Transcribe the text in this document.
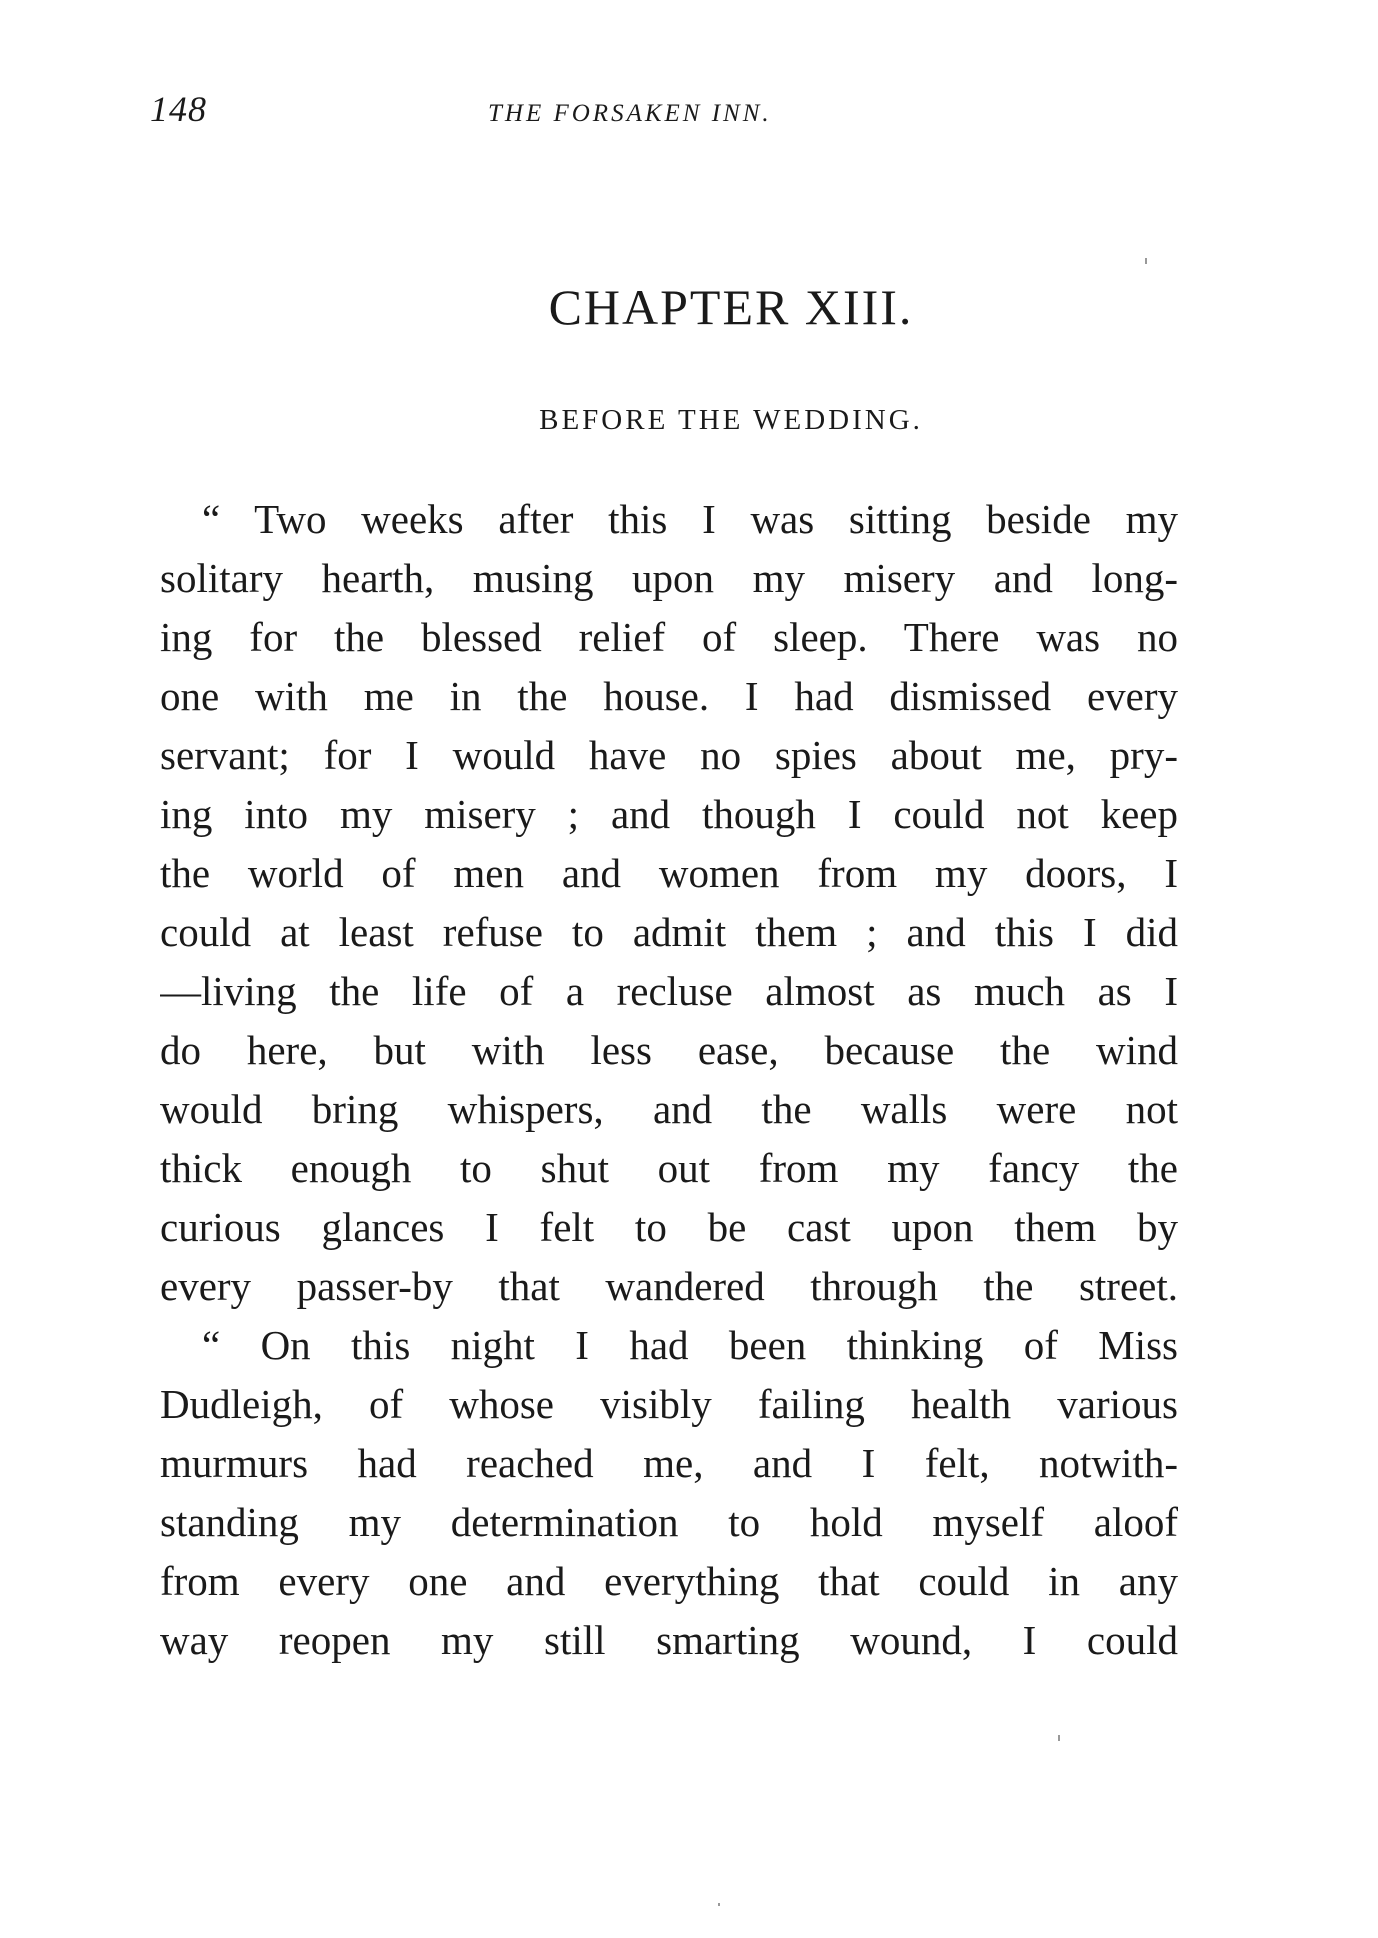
148	THE FORSAKEN INN.
CHAPTER XIII.
BEFORE THE WEDDING.
“ Two weeks after this I was sitting beside my
solitary hearth, musing upon my misery and long-
ing for the blessed relief of sleep. There was no
one with me in the house. I had dismissed every
servant; for I would have no spies about me, pry-
ing into my misery ; and though I could not keep
the world of men and women from my doors, I
could at least refuse to admit them ; and this I did
—living the life of a recluse almost as much as I
do here, but with less ease, because the wind
would bring whispers, and the walls were not
thick enough to shut out from my fancy the
curious glances I felt to be cast upon them by
every passer-by that wandered through the street.
“ On this night I had been thinking of Miss
Dudleigh, of whose visibly failing health various
murmurs had reached me, and I felt, notwith-
standing my determination to hold myself aloof
from every one and everything that could in any
way reopen my still smarting wound, I could
